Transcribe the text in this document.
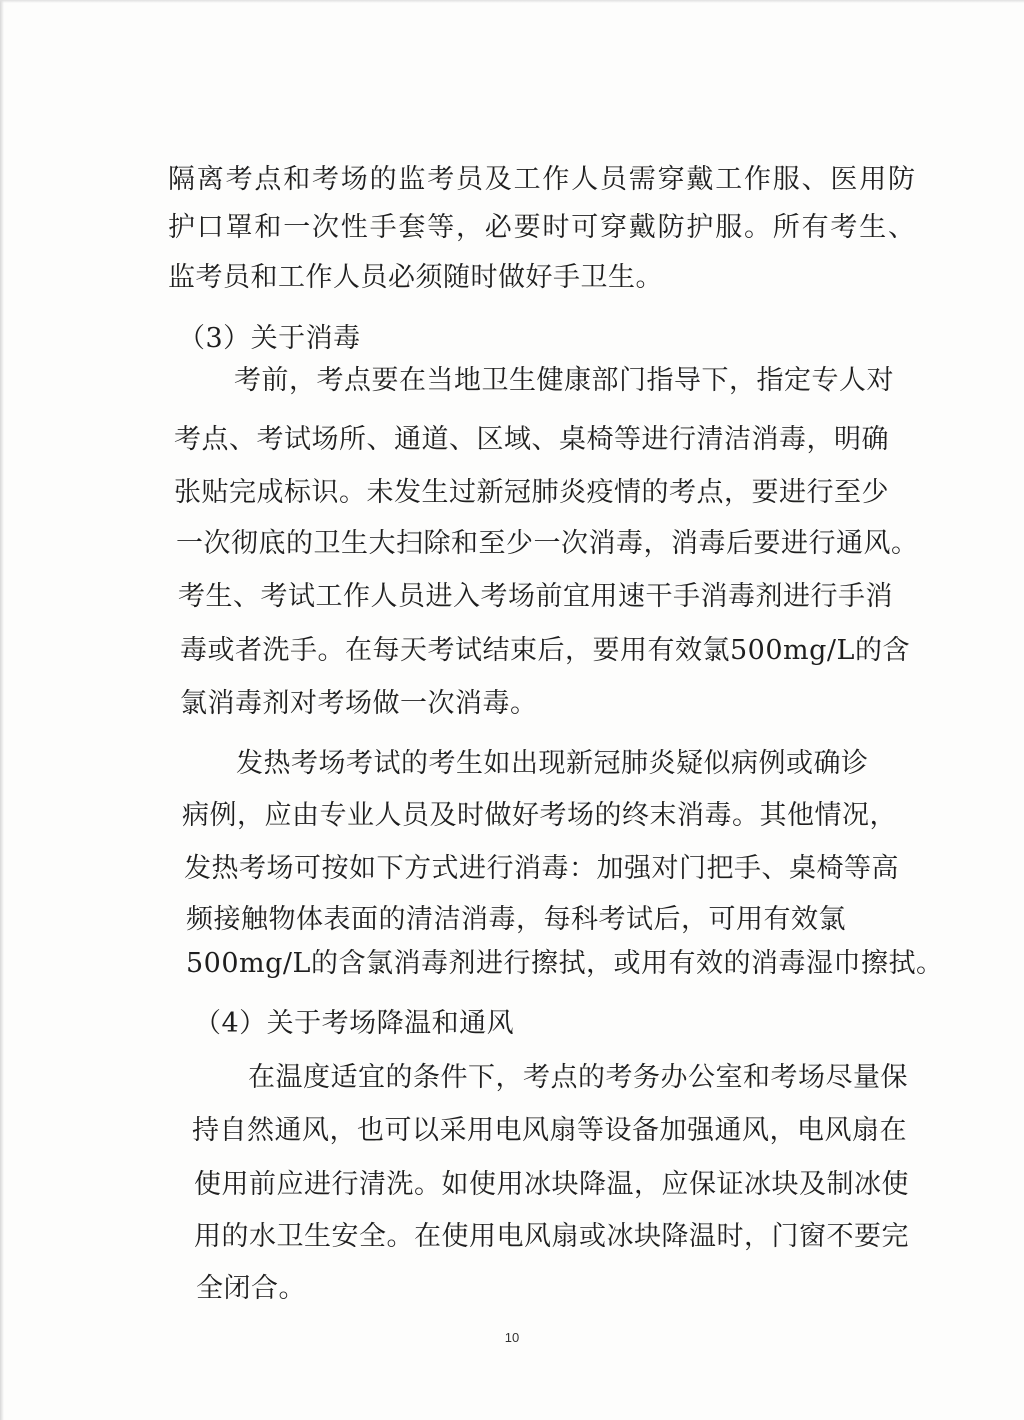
隔离考点和考场的监考员及工作人员需穿戴工作服、医用防
护口罩和一次性手套等，必要时可穿戴防护服。所有考生、
监考员和工作人员必须随时做好手卫生。
（3）关于消毒
考前，考点要在当地卫生健康部门指导下，指定专人对
考点、考试场所、通道、区域、桌椅等进行清洁消毒，明确
张贴完成标识。未发生过新冠肺炎疫情的考点，要进行至少
一次彻底的卫生大扫除和至少一次消毒，消毒后要进行通风。
考生、考试工作人员进入考场前宜用速干手消毒剂进行手消
毒或者洗手。在每天考试结束后，要用有效氯500mg/L的含
氯消毒剂对考场做一次消毒。
发热考场考试的考生如出现新冠肺炎疑似病例或确诊
病例，应由专业人员及时做好考场的终末消毒。其他情况，
发热考场可按如下方式进行消毒：加强对门把手、桌椅等高
频接触物体表面的清洁消毒，每科考试后，可用有效氯
500mg/L的含氯消毒剂进行擦拭，或用有效的消毒湿巾擦拭。
（4）关于考场降温和通风
在温度适宜的条件下，考点的考务办公室和考场尽量保
持自然通风，也可以采用电风扇等设备加强通风，电风扇在
使用前应进行清洗。如使用冰块降温，应保证冰块及制冰使
用的水卫生安全。在使用电风扇或冰块降温时，门窗不要完
全闭合。
10
